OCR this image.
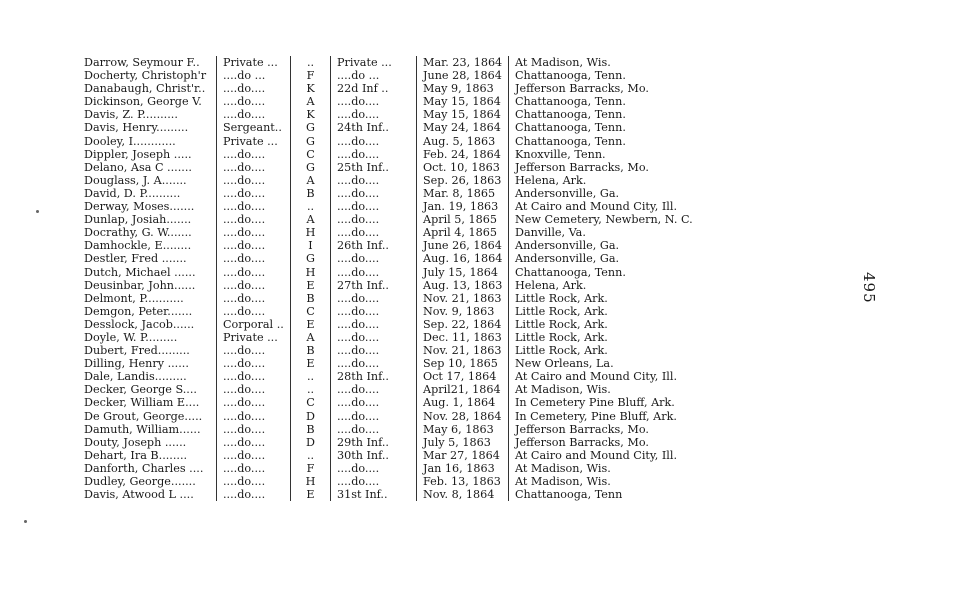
Darrow, Seymour F..	Private ...	..	Private ...	Mar. 23, 1864	At Madison, Wis.
Docherty, Christoph'r	....do ...	F	....do ...	June 28, 1864	Chattanooga, Tenn.
Danabaugh, Christ'r..	....do....	K	22d Inf ..	May 9, 1863	Jefferson Barracks, Mo.
Dickinson, George V.	....do....	A	....do....	May 15, 1864	Chattanooga, Tenn.
Davis, Z. P..........	....do....	K	....do....	May 15, 1864	Chattanooga, Tenn.
Davis, Henry.........	Sergeant..	G	24th Inf..	May 24, 1864	Chattanooga, Tenn.
Dooley, I............	Private ...	G	....do....	Aug. 5, 1863	Chattanooga, Tenn.
Dippler, Joseph .....	....do....	C	....do....	Feb. 24, 1864	Knoxville, Tenn.
Delano, Asa C .......	....do....	G	25th Inf..	Oct. 10, 1863	Jefferson Barracks, Mo.
Douglass, J. A.......	....do....	A	....do....	Sep. 26, 1863	Helena, Ark.
David, D. P..........	....do....	B	....do....	Mar. 8, 1865	Andersonville, Ga.
Derway, Moses.......	....do....	..	....do....	Jan. 19, 1863	At Cairo and Mound City, Ill.
Dunlap, Josiah.......	....do....	A	....do....	April 5, 1865	New Cemetery, Newbern, N. C.
Docrathy, G. W.......	....do....	H	....do....	April 4, 1865	Danville, Va.
Damhockle, E........	....do....	I	26th Inf..	June 26, 1864	Andersonville, Ga.
Destler, Fred .......	....do....	G	....do....	Aug. 16, 1864	Andersonville, Ga.
Dutch, Michael ......	....do....	H	....do....	July 15, 1864	Chattanooga, Tenn.
Deusinbar, John......	....do....	E	27th Inf..	Aug. 13, 1863	Helena, Ark.
Delmont, P...........	....do....	B	....do....	Nov. 21, 1863	Little Rock, Ark.
Demgon, Peter.......	....do....	C	....do....	Nov. 9, 1863	Little Rock, Ark.
Desslock, Jacob......	Corporal ..	E	....do....	Sep. 22, 1864	Little Rock, Ark.
Doyle, W. P.........	Private ...	A	....do....	Dec. 11, 1863	Little Rock, Ark.
Dubert, Fred.........	....do....	B	....do....	Nov. 21, 1863	Little Rock, Ark.
Dilling, Henry ......	....do....	E	....do....	Sep 10, 1865	New Orleans, La.
Dale, Landis.........	....do....	..	28th Inf..	Oct 17, 1864	At Cairo and Mound City, Ill.
Decker, George S....	....do....	..	....do....	April21, 1864	At Madison, Wis.
Decker, William E....	....do....	C	....do....	Aug. 1, 1864	In Cemetery Pine Bluff, Ark.
De Grout, George.....	....do....	D	....do....	Nov. 28, 1864	In Cemetery, Pine Bluff, Ark.
Damuth, William......	....do....	B	....do....	May 6, 1863	Jefferson Barracks, Mo.
Douty, Joseph ......	....do....	D	29th Inf..	July 5, 1863	Jefferson Barracks, Mo.
Dehart, Ira B........	....do....	..	30th Inf..	Mar 27, 1864	At Cairo and Mound City, Ill.
Danforth, Charles ....	....do....	F	....do....	Jan 16, 1863	At Madison, Wis.
Dudley, George.......	....do....	H	....do....	Feb. 13, 1863	At Madison, Wis.
Davis, Atwood L ....	....do....	E	31st Inf..	Nov. 8, 1864	Chattanooga, Tenn
495
